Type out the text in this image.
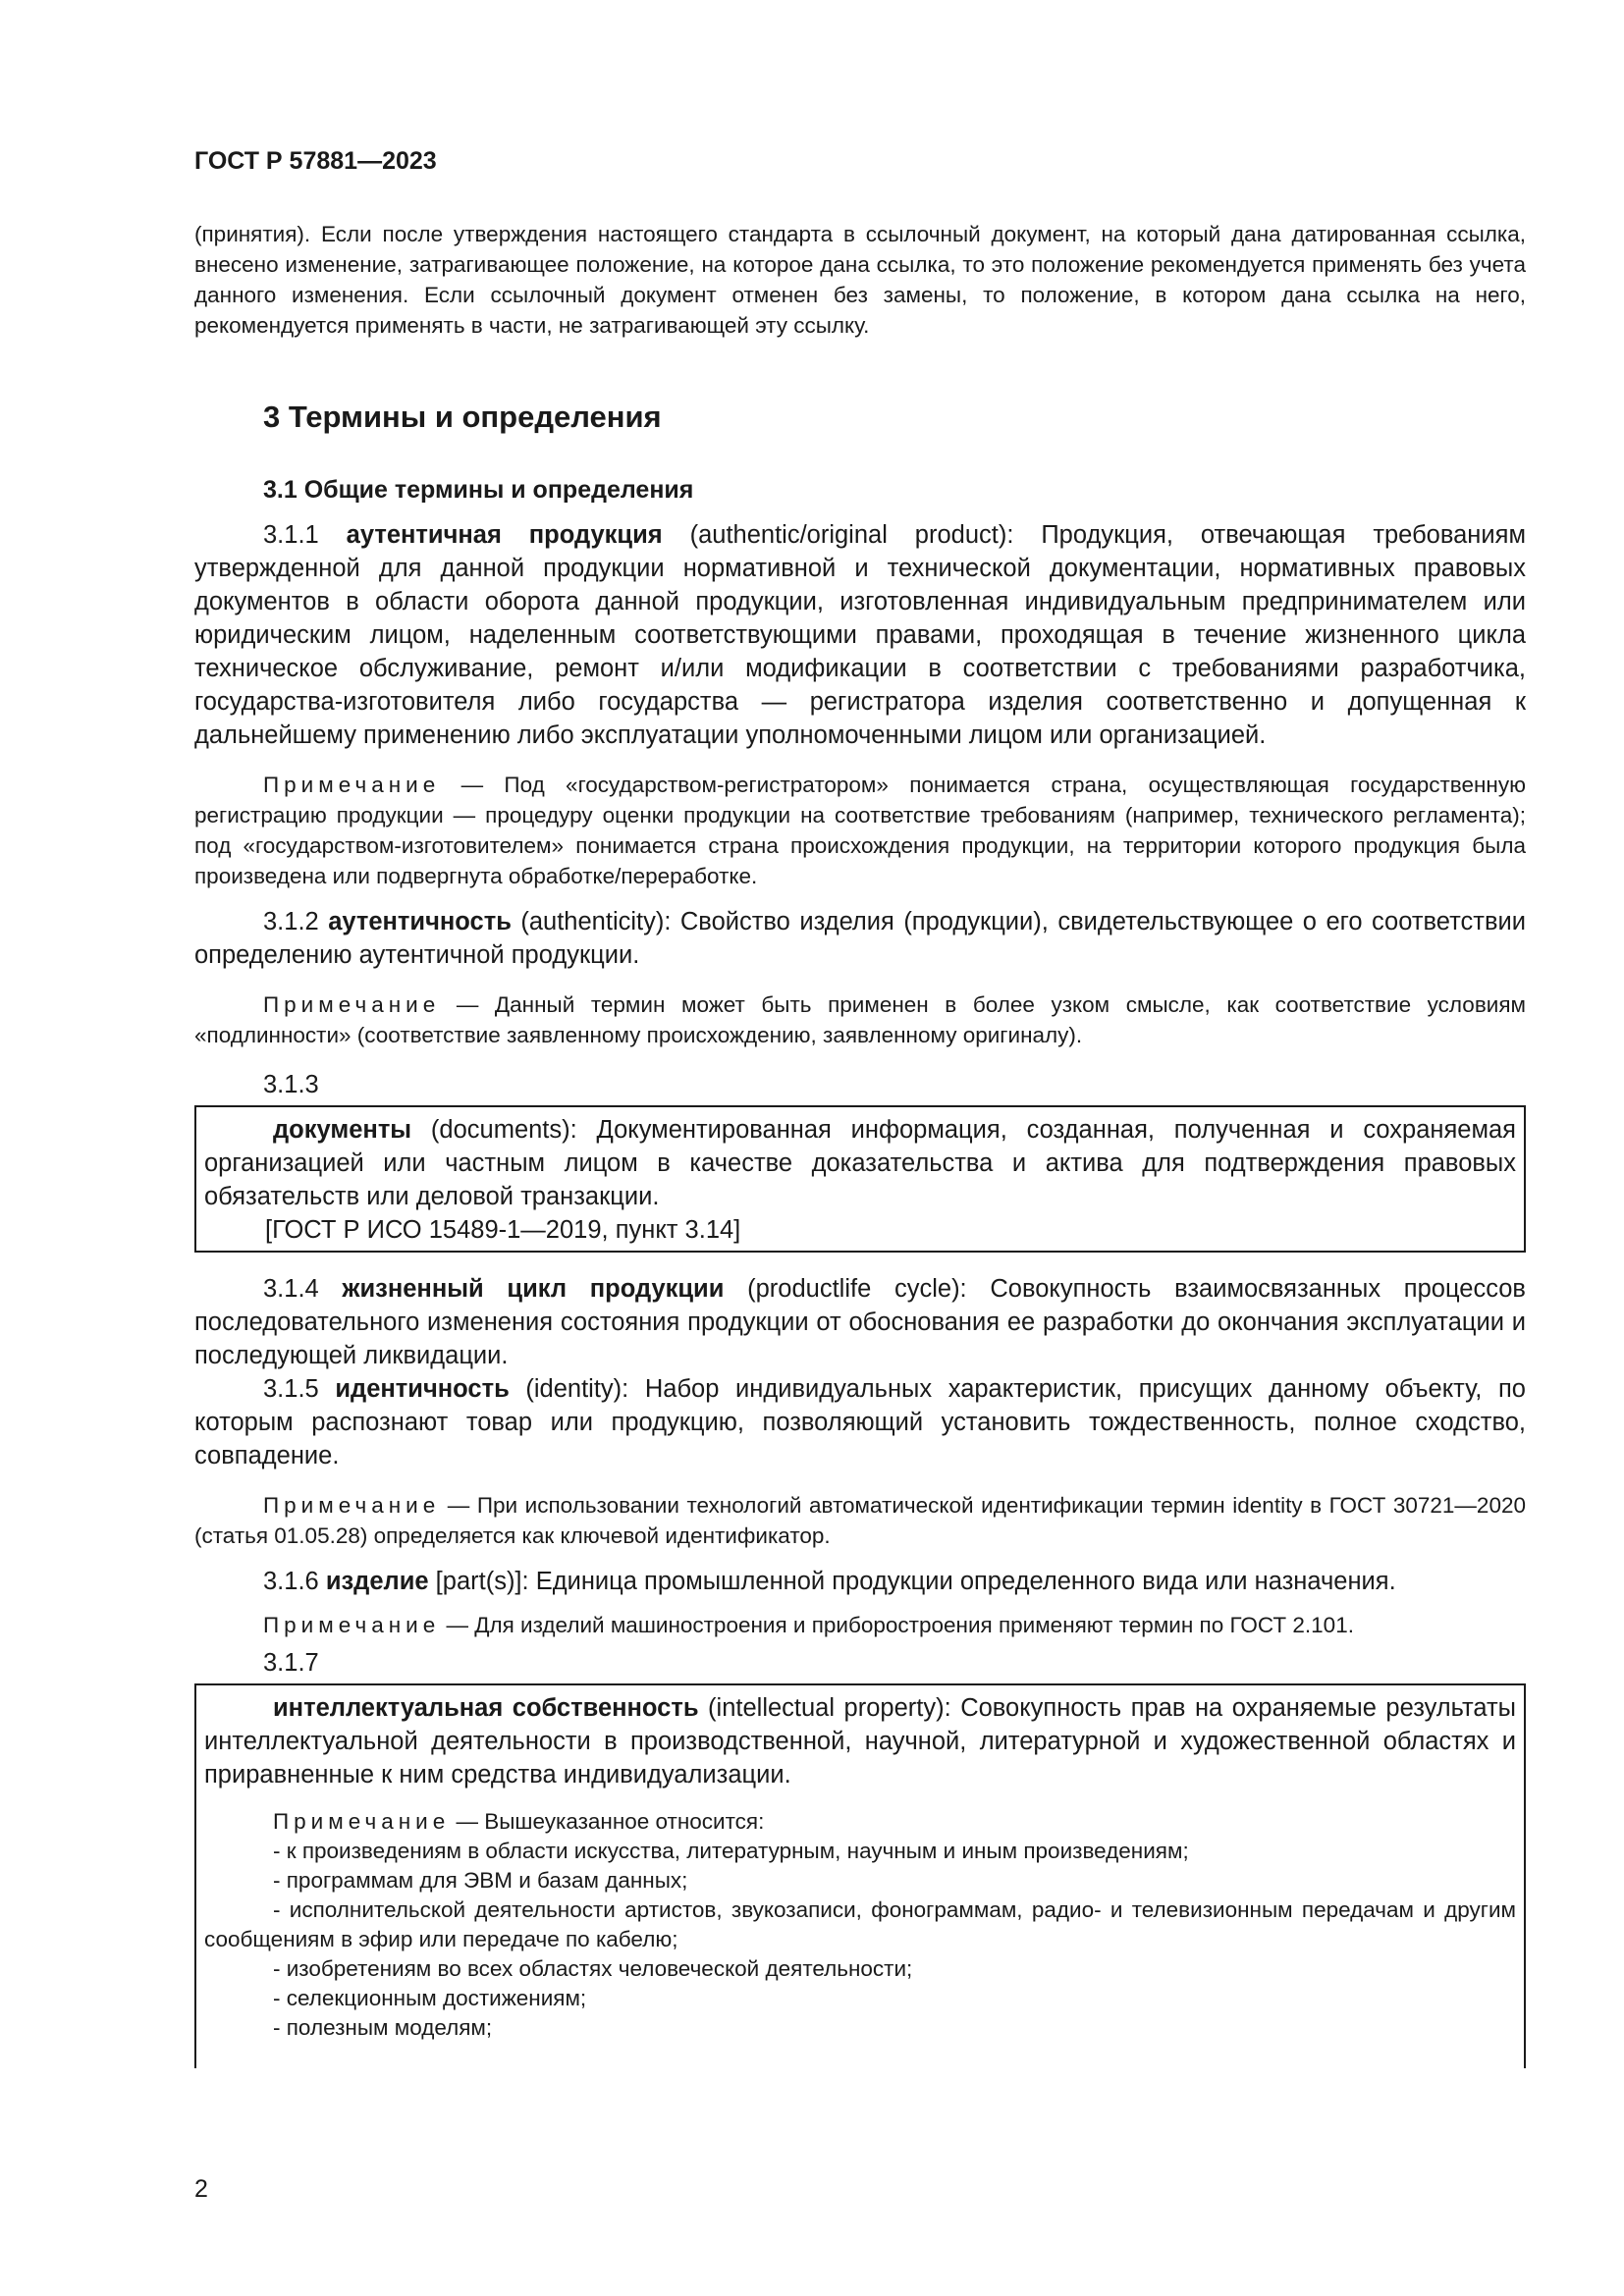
ГОСТ Р 57881—2023

(принятия). Если после утверждения настоящего стандарта в ссылочный документ, на который дана датированная ссылка, внесено изменение, затрагивающее положение, на которое дана ссылка, то это положение рекомендуется применять без учета данного изменения. Если ссылочный документ отменен без замены, то положение, в котором дана ссылка на него, рекомендуется применять в части, не затрагивающей эту ссылку.

3 Термины и определения
3.1 Общие термины и определения

3.1.1 аутентичная продукция (authentic/original product): Продукция, отвечающая требованиям утвержденной для данной продукции нормативной и технической документации, нормативных правовых документов в области оборота данной продукции, изготовленная индивидуальным предпринимателем или юридическим лицом, наделенным соответствующими правами, проходящая в течение жизненного цикла техническое обслуживание, ремонт и/или модификации в соответствии с требованиями разработчика, государства-изготовителя либо государства — регистратора изделия соответственно и допущенная к дальнейшему применению либо эксплуатации уполномоченными лицом или организацией.

Примечание — Под «государством-регистратором» понимается страна, осуществляющая государственную регистрацию продукции — процедуру оценки продукции на соответствие требованиям (например, технического регламента); под «государством-изготовителем» понимается страна происхождения продукции, на территории которого продукция была произведена или подвергнута обработке/переработке.

3.1.2 аутентичность (authenticity): Свойство изделия (продукции), свидетельствующее о его соответствии определению аутентичной продукции.

Примечание — Данный термин может быть применен в более узком смысле, как соответствие условиям «подлинности» (соответствие заявленному происхождению, заявленному оригиналу).

3.1.3

документы (documents): Документированная информация, созданная, полученная и сохраняемая организацией или частным лицом в качестве доказательства и актива для подтверждения правовых обязательств или деловой транзакции.

[ГОСТ Р ИСО 15489-1—2019, пункт 3.14]

3.1.4 жизненный цикл продукции (productlife cycle): Совокупность взаимосвязанных процессов последовательного изменения состояния продукции от обоснования ее разработки до окончания эксплуатации и последующей ликвидации.

3.1.5 идентичность (identity): Набор индивидуальных характеристик, присущих данному объекту, по которым распознают товар или продукцию, позволяющий установить тождественность, полное сходство, совпадение.

Примечание — При использовании технологий автоматической идентификации термин identity в ГОСТ 30721—2020 (статья 01.05.28) определяется как ключевой идентификатор.

3.1.6 изделие [part(s)]: Единица промышленной продукции определенного вида или назначения.

Примечание — Для изделий машиностроения и приборостроения применяют термин по ГОСТ 2.101.

3.1.7

интеллектуальная собственность (intellectual property): Совокупность прав на охраняемые результаты интеллектуальной деятельности в производственной, научной, литературной и художественной областях и приравненные к ним средства индивидуализации.

Примечание — Вышеуказанное относится:

- к произведениям в области искусства, литературным, научным и иным произведениям;

- программам для ЭВМ и базам данных;

- исполнительской деятельности артистов, звукозаписи, фонограммам, радио- и телевизионным передачам и другим сообщениям в эфир или передаче по кабелю;

- изобретениям во всех областях человеческой деятельности;

- селекционным достижениям;

- полезным моделям;

2
